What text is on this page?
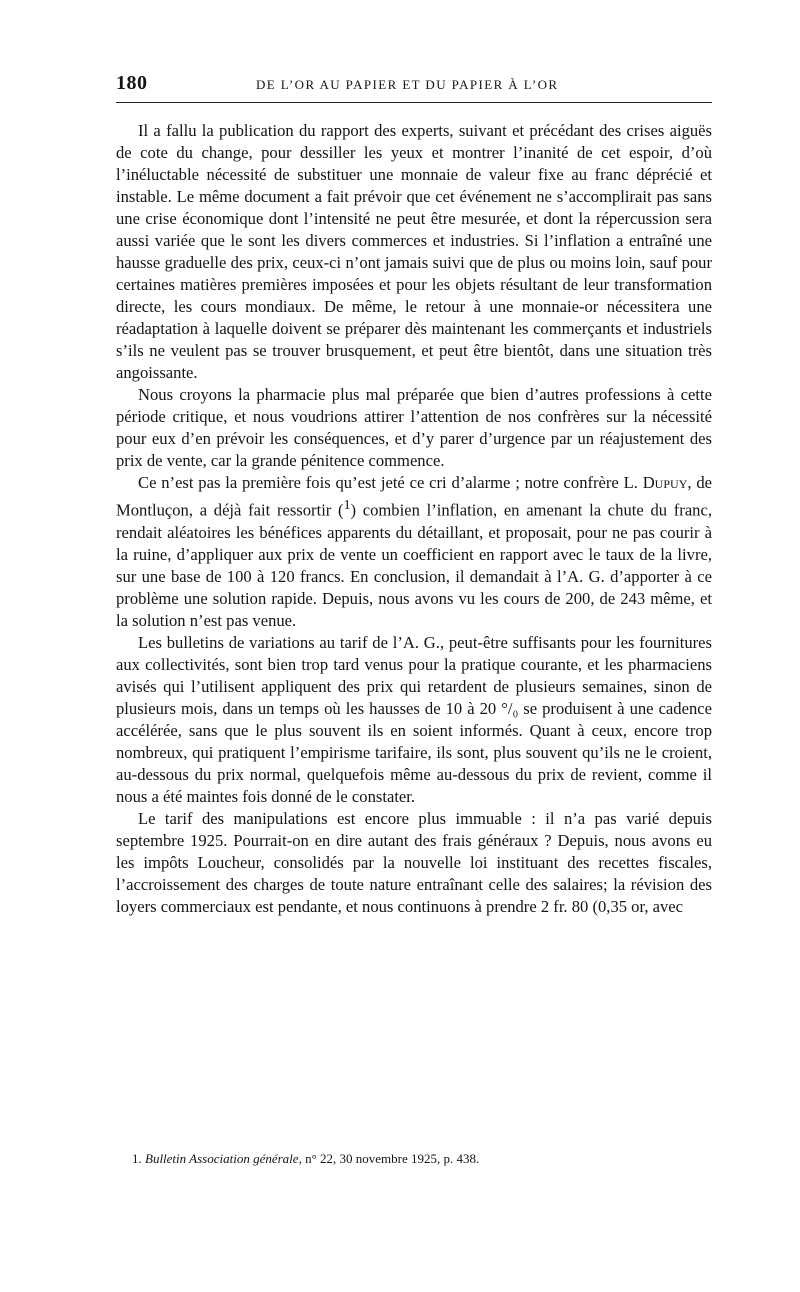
180	DE L’OR AU PAPIER ET DU PAPIER À L’OR

Il a fallu la publication du rapport des experts, suivant et précédant des crises aiguës de cote du change, pour dessiller les yeux et montrer l’inanité de cet espoir, d’où l’inéluctable nécessité de substituer une monnaie de valeur fixe au franc déprécié et instable. Le même document a fait prévoir que cet événement ne s’accomplirait pas sans une crise économique dont l’intensité ne peut être mesurée, et dont la répercussion sera aussi variée que le sont les divers commerces et industries. Si l’inflation a entraîné une hausse graduelle des prix, ceux-ci n’ont jamais suivi que de plus ou moins loin, sauf pour certaines matières premières imposées et pour les objets résultant de leur transformation directe, les cours mondiaux. De même, le retour à une monnaie-or nécessitera une réadaptation à laquelle doivent se préparer dès maintenant les commerçants et industriels s’ils ne veulent pas se trouver brusquement, et peut être bientôt, dans une situation très angoissante.

Nous croyons la pharmacie plus mal préparée que bien d’autres professions à cette période critique, et nous voudrions attirer l’attention de nos confrères sur la nécessité pour eux d’en prévoir les conséquences, et d’y parer d’urgence par un réajustement des prix de vente, car la grande pénitence commence.

Ce n’est pas la première fois qu’est jeté ce cri d’alarme ; notre confrère L. Dupuy, de Montluçon, a déjà fait ressortir ($^1$) combien l’inflation, en amenant la chute du franc, rendait aléatoires les bénéfices apparents du détaillant, et proposait, pour ne pas courir à la ruine, d’appliquer aux prix de vente un coefficient en rapport avec le taux de la livre, sur une base de 100 à 120 francs. En conclusion, il demandait à l’A. G. d’apporter à ce problème une solution rapide. Depuis, nous avons vu les cours de 200, de 243 même, et la solution n’est pas venue.

Les bulletins de variations au tarif de l’A. G., peut-être suffisants pour les fournitures aux collectivités, sont bien trop tard venus pour la pratique courante, et les pharmaciens avisés qui l’utilisent appliquent des prix qui retardent de plusieurs semaines, sinon de plusieurs mois, dans un temps où les hausses de 10 à 20 °/₀ se produisent à une cadence accélérée, sans que le plus souvent ils en soient informés. Quant à ceux, encore trop nombreux, qui pratiquent l’empirisme tarifaire, ils sont, plus souvent qu’ils ne le croient, au-dessous du prix normal, quelquefois même au-dessous du prix de revient, comme il nous a été maintes fois donné de le constater.

Le tarif des manipulations est encore plus immuable : il n’a pas varié depuis septembre 1925. Pourrait-on en dire autant des frais généraux ? Depuis, nous avons eu les impôts Loucheur, consolidés par la nouvelle loi instituant des recettes fiscales, l’accroissement des charges de toute nature entraînant celle des salaires; la révision des loyers commerciaux est pendante, et nous continuons à prendre 2 fr. 80 (0,35 or, avec

1. Bulletin Association générale, n° 22, 30 novembre 1925, p. 438.
